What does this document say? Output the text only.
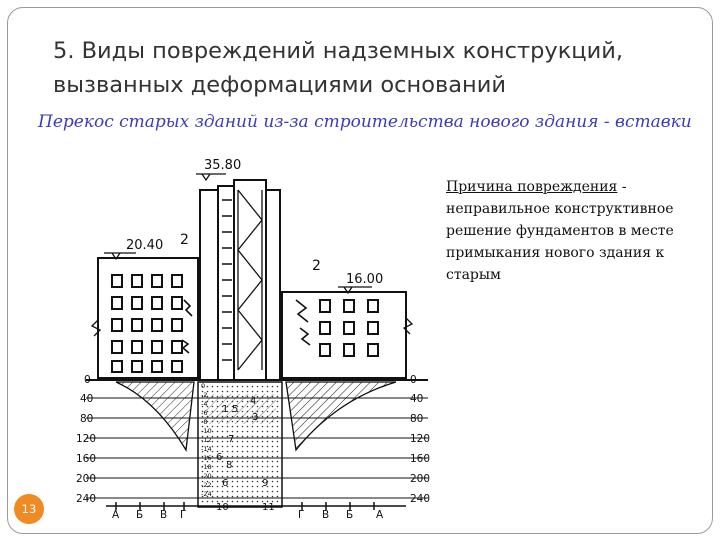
5. Виды повреждений надземных конструкций,
вызванных деформациями оснований
Перекос старых зданий из-за строительства нового здания - вставки
Причина повреждения -
неправильное конструктивное решение фундаментов в месте примыкания нового здания к старым
35.80
20.40
16.00
2
2
0
40
80
120
160
200
240
0
40
80
120
160
200
240
0
-2
-4
-6
-8
-10
-12
-14
-16
-18
-20
-22
-24
4
1 5
3
7
6
8
6	9
10	11
А Б В Г	Г В Б А
13
